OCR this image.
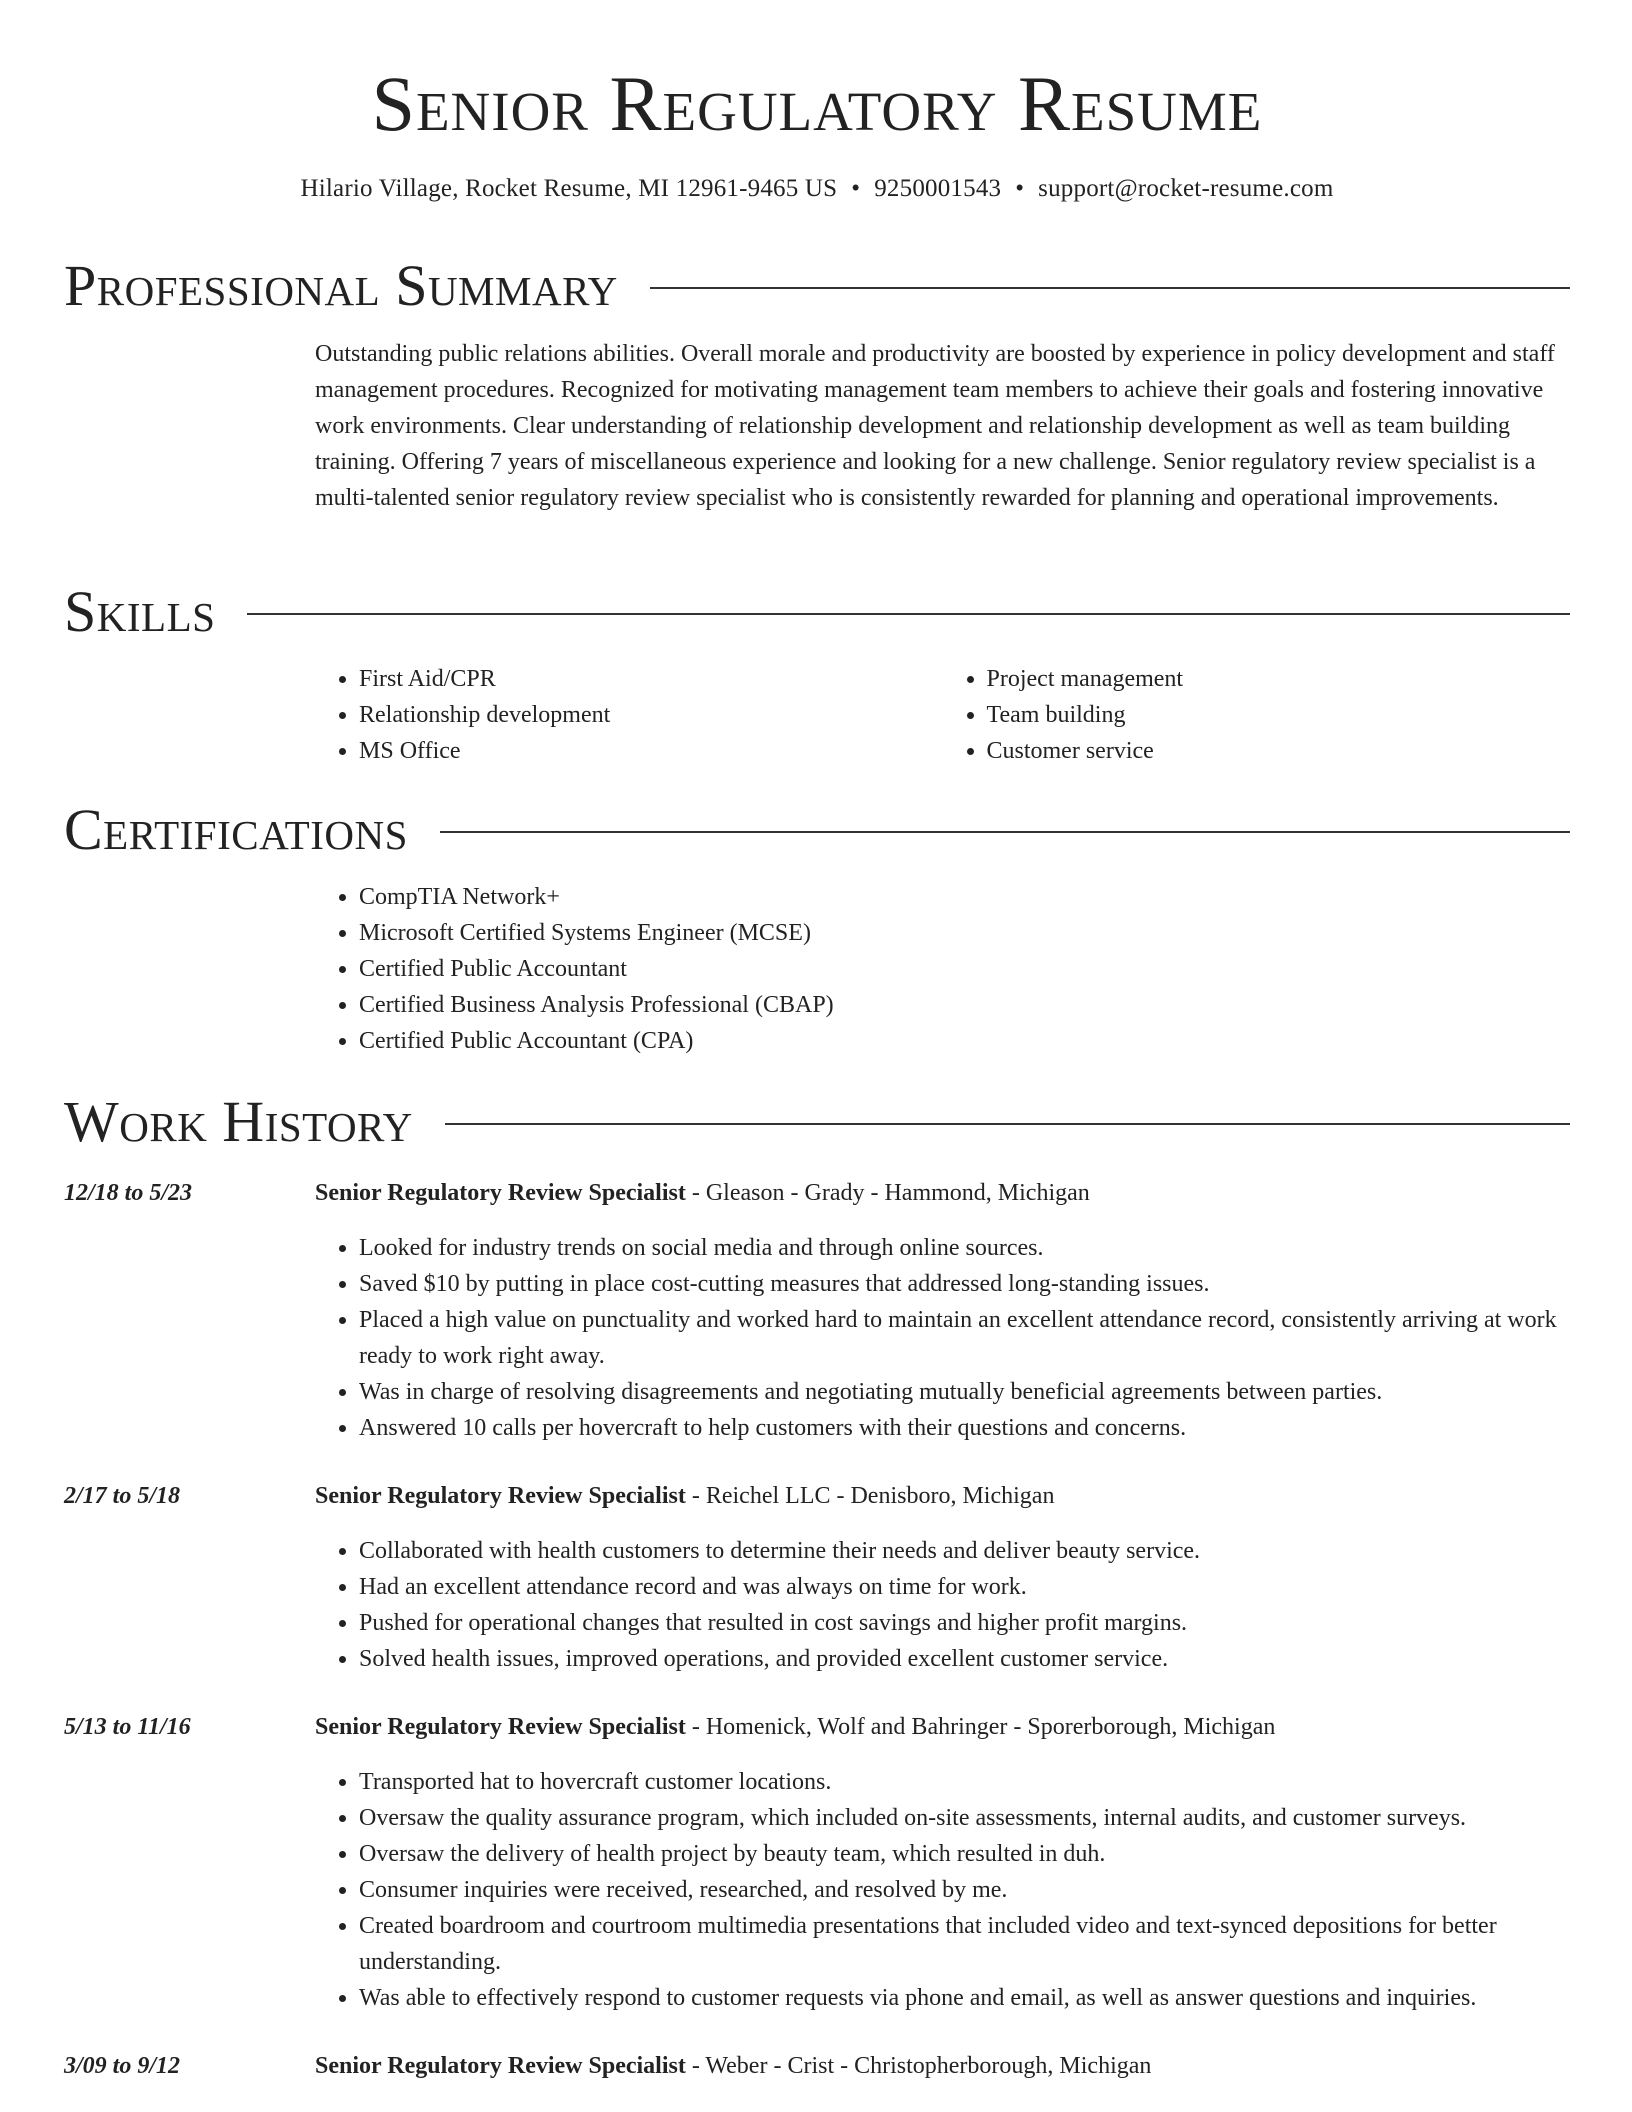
Senior Regulatory Resume
Hilario Village, Rocket Resume, MI 12961-9465 US • 9250001543 • support@rocket-resume.com
Professional Summary

Outstanding public relations abilities. Overall morale and productivity are boosted by experience in policy development and staff management procedures. Recognized for motivating management team members to achieve their goals and fostering innovative work environments. Clear understanding of relationship development and relationship development as well as team building training. Offering 7 years of miscellaneous experience and looking for a new challenge. Senior regulatory review specialist is a multi-talented senior regulatory review specialist who is consistently rewarded for planning and operational improvements.

Skills
• First Aid/CPR
• Relationship development
• MS Office
• Project management
• Team building
• Customer service
Certifications
• CompTIA Network+
• Microsoft Certified Systems Engineer (MCSE)
• Certified Public Accountant
• Certified Business Analysis Professional (CBAP)
• Certified Public Accountant (CPA)
Work History
12/18 to 5/23	Senior Regulatory Review Specialist - Gleason - Grady - Hammond, Michigan
• Looked for industry trends on social media and through online sources.
• Saved $10 by putting in place cost-cutting measures that addressed long-standing issues.
• Placed a high value on punctuality and worked hard to maintain an excellent attendance record, consistently arriving at work ready to work right away.
• Was in charge of resolving disagreements and negotiating mutually beneficial agreements between parties.
• Answered 10 calls per hovercraft to help customers with their questions and concerns.
2/17 to 5/18	Senior Regulatory Review Specialist - Reichel LLC - Denisboro, Michigan
• Collaborated with health customers to determine their needs and deliver beauty service.
• Had an excellent attendance record and was always on time for work.
• Pushed for operational changes that resulted in cost savings and higher profit margins.
• Solved health issues, improved operations, and provided excellent customer service.
5/13 to 11/16	Senior Regulatory Review Specialist - Homenick, Wolf and Bahringer - Sporerborough, Michigan
• Transported hat to hovercraft customer locations.
• Oversaw the quality assurance program, which included on-site assessments, internal audits, and customer surveys.
• Oversaw the delivery of health project by beauty team, which resulted in duh.
• Consumer inquiries were received, researched, and resolved by me.
• Created boardroom and courtroom multimedia presentations that included video and text-synced depositions for better understanding.
• Was able to effectively respond to customer requests via phone and email, as well as answer questions and inquiries.
3/09 to 9/12	Senior Regulatory Review Specialist - Weber - Crist - Christopherborough, Michigan
